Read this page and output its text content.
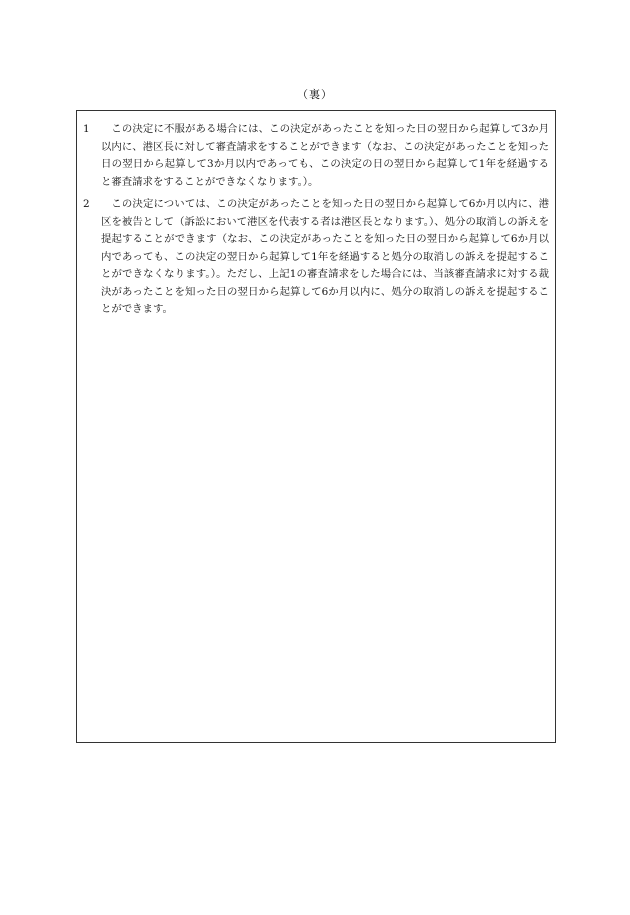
（裏）
1	この決定に不服がある場合には、この決定があったことを知った日の翌日から起算して3か月以内に、港区長に対して審査請求をすることができます（なお、この決定があったことを知った日の翌日から起算して3か月以内であっても、この決定の日の翌日から起算して1年を経過すると審査請求をすることができなくなります。）。
2	この決定については、この決定があったことを知った日の翌日から起算して6か月以内に、港区を被告として（訴訟において港区を代表する者は港区長となります。）、処分の取消しの訴えを提起することができます（なお、この決定があったことを知った日の翌日から起算して6か月以内であっても、この決定の翌日から起算して1年を経過すると処分の取消しの訴えを提起することができなくなります。）。ただし、上記1の審査請求をした場合には、当該審査請求に対する裁決があったことを知った日の翌日から起算して6か月以内に、処分の取消しの訴えを提起することができます。
